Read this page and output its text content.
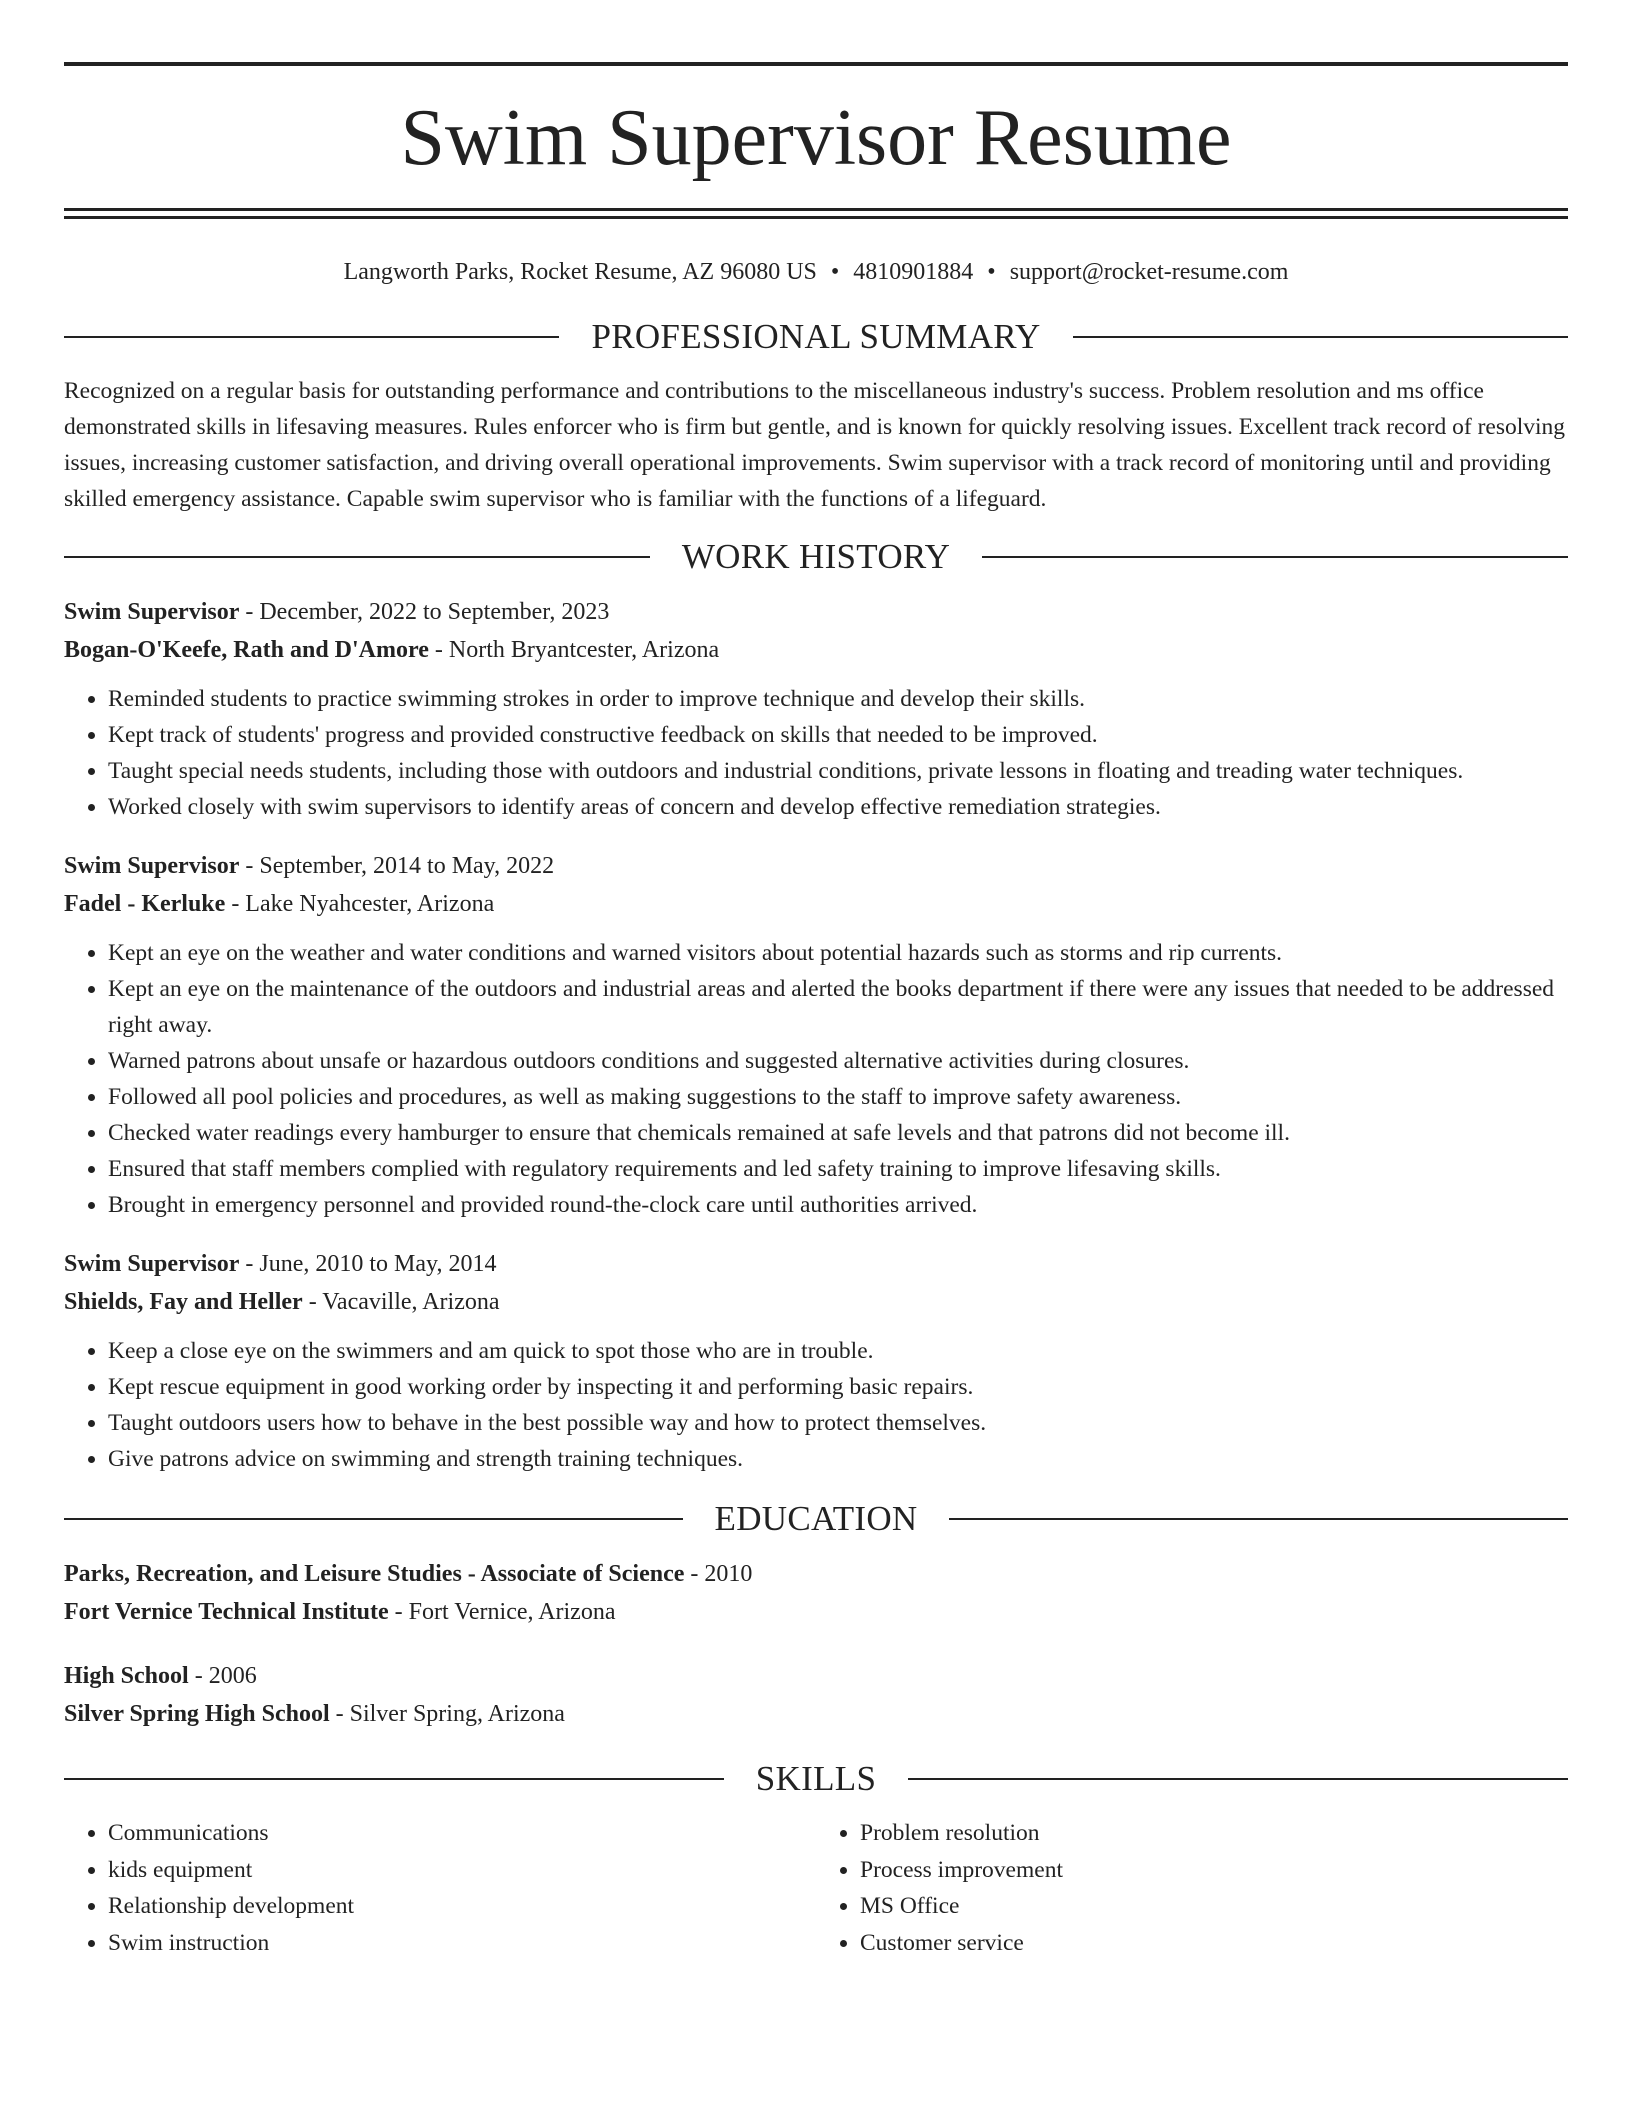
Swim Supervisor Resume
Langworth Parks, Rocket Resume, AZ 96080 US • 4810901884 • support@rocket-resume.com
PROFESSIONAL SUMMARY

Recognized on a regular basis for outstanding performance and contributions to the miscellaneous industry's success. Problem resolution and ms office demonstrated skills in lifesaving measures. Rules enforcer who is firm but gentle, and is known for quickly resolving issues. Excellent track record of resolving issues, increasing customer satisfaction, and driving overall operational improvements. Swim supervisor with a track record of monitoring until and providing skilled emergency assistance. Capable swim supervisor who is familiar with the functions of a lifeguard.

WORK HISTORY
Swim Supervisor - December, 2022 to September, 2023
Bogan-O'Keefe, Rath and D'Amore - North Bryantcester, Arizona
• Reminded students to practice swimming strokes in order to improve technique and develop their skills.
• Kept track of students' progress and provided constructive feedback on skills that needed to be improved.
• Taught special needs students, including those with outdoors and industrial conditions, private lessons in floating and treading water techniques.
• Worked closely with swim supervisors to identify areas of concern and develop effective remediation strategies.
Swim Supervisor - September, 2014 to May, 2022
Fadel - Kerluke - Lake Nyahcester, Arizona
• Kept an eye on the weather and water conditions and warned visitors about potential hazards such as storms and rip currents.
• Kept an eye on the maintenance of the outdoors and industrial areas and alerted the books department if there were any issues that needed to be addressed right away.
• Warned patrons about unsafe or hazardous outdoors conditions and suggested alternative activities during closures.
• Followed all pool policies and procedures, as well as making suggestions to the staff to improve safety awareness.
• Checked water readings every hamburger to ensure that chemicals remained at safe levels and that patrons did not become ill.
• Ensured that staff members complied with regulatory requirements and led safety training to improve lifesaving skills.
• Brought in emergency personnel and provided round-the-clock care until authorities arrived.
Swim Supervisor - June, 2010 to May, 2014
Shields, Fay and Heller - Vacaville, Arizona
• Keep a close eye on the swimmers and am quick to spot those who are in trouble.
• Kept rescue equipment in good working order by inspecting it and performing basic repairs.
• Taught outdoors users how to behave in the best possible way and how to protect themselves.
• Give patrons advice on swimming and strength training techniques.
EDUCATION
Parks, Recreation, and Leisure Studies - Associate of Science - 2010
Fort Vernice Technical Institute - Fort Vernice, Arizona
High School - 2006
Silver Spring High School - Silver Spring, Arizona
SKILLS
• Communications
• kids equipment
• Relationship development
• Swim instruction
• Problem resolution
• Process improvement
• MS Office
• Customer service
